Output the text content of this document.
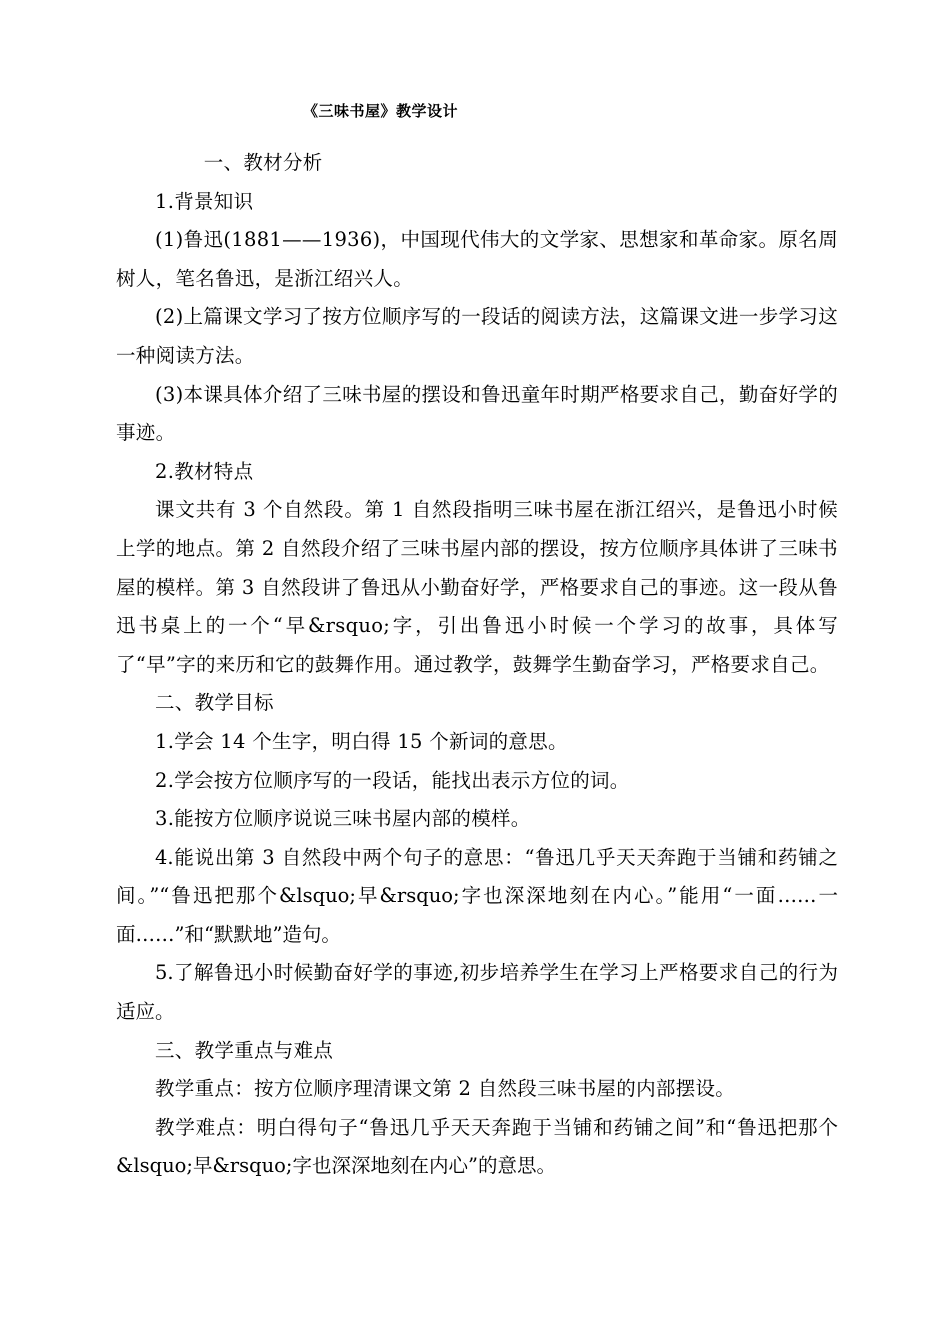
《三味书屋》教学设计

一、教材分析

1.背景知识

(1)鲁迅(1881——1936)，中国现代伟大的文学家、思想家和革命家。原名周树人，笔名鲁迅，是浙江绍兴人。

(2)上篇课文学习了按方位顺序写的一段话的阅读方法，这篇课文进一步学习这一种阅读方法。

(3)本课具体介绍了三味书屋的摆设和鲁迅童年时期严格要求自己，勤奋好学的事迹。

2.教材特点

课文共有 3 个自然段。第 1 自然段指明三味书屋在浙江绍兴，是鲁迅小时候上学的地点。第 2 自然段介绍了三味书屋内部的摆设，按方位顺序具体讲了三味书屋的模样。第 3 自然段讲了鲁迅从小勤奋好学，严格要求自己的事迹。这一段从鲁迅书桌上的一个“早&rsquo;字，引出鲁迅小时候一个学习的故事，具体写了“早”字的来历和它的鼓舞作用。通过教学，鼓舞学生勤奋学习，严格要求自己。

二、教学目标

1.学会 14 个生字，明白得 15 个新词的意思。

2.学会按方位顺序写的一段话，能找出表示方位的词。

3.能按方位顺序说说三味书屋内部的模样。

4.能说出第 3 自然段中两个句子的意思：“鲁迅几乎天天奔跑于当铺和药铺之间。”“鲁迅把那个&lsquo;早&rsquo;字也深深地刻在内心。”能用“一面……一面……”和“默默地”造句。

5.了解鲁迅小时候勤奋好学的事迹,初步培养学生在学习上严格要求自己的行为适应。

三、教学重点与难点

教学重点：按方位顺序理清课文第 2 自然段三味书屋的内部摆设。

教学难点：明白得句子“鲁迅几乎天天奔跑于当铺和药铺之间”和“鲁迅把那个&lsquo;早&rsquo;字也深深地刻在内心”的意思。
